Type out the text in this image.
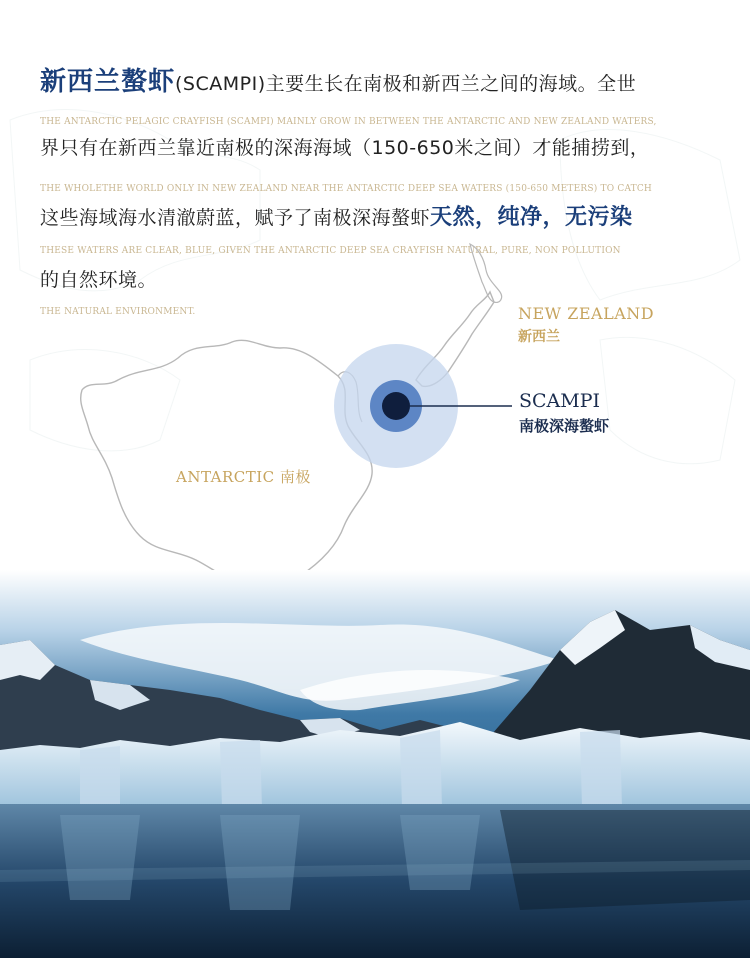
新西兰螯虾(SCAMPI)主要生长在南极和新西兰之间的海域。全世

THE ANTARCTIC PELAGIC CRAYFISH (SCAMPI) MAINLY GROW IN BETWEEN THE ANTARCTIC AND NEW ZEALAND WATERS,

界只有在新西兰靠近南极的深海海域（150-650米之间）才能捕捞到，

THE WHOLETHE WORLD ONLY IN NEW ZEALAND NEAR THE ANTARCTIC DEEP SEA WATERS (150-650 METERS) TO CATCH

这些海域海水清澈蔚蓝，赋予了南极深海螯虾天然，纯净，无污染

THESE WATERS ARE CLEAR, BLUE, GIVEN THE ANTARCTIC DEEP SEA CRAYFISH NATURAL, PURE, NON POLLUTION

的自然环境。

THE NATURAL ENVIRONMENT.	NEW ZEALAND
新西兰
SCAMPI
南极深海螯虾
ANTARCTIC 南极
